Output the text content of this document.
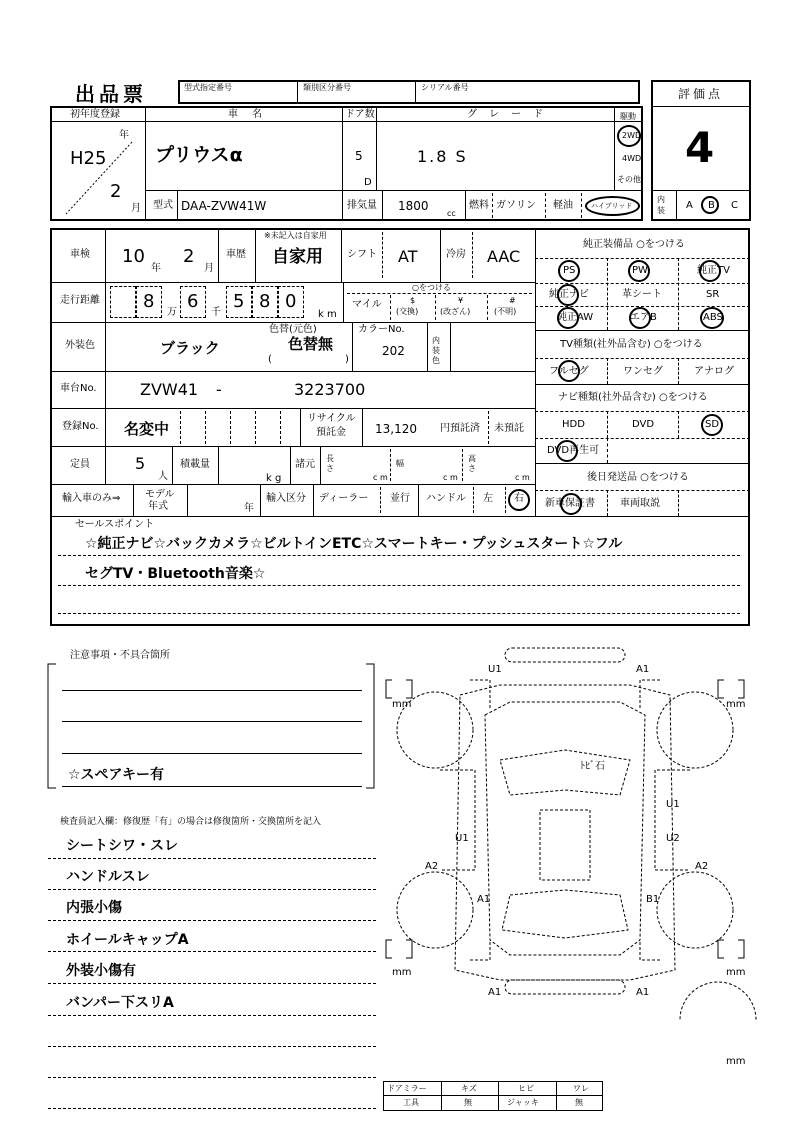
出品票	型式指定番号	類別区分番号	シリアル番号	評価点
4
内装	A B C
初年度登録
H25
年
2
月
車名
プリウスα
ドア数
5
D
グレード
1.8 S
駆動
2WD
4WD
その他
型式 DAA-ZVW41W	排気量 1800
cc
燃料 ガソリン 軽油	ハイブリッド
車検 10
年
2
月
車歴
※未記入は自家用
自家用 シフト AT	冷房 AAC
走行距離 8
万
6
千
5 8 0
k m
○をつける
マイル	$
(交換)
¥
(改ざん)
#
(不明)
外装色
色替(元色)
ブラック	色替無
(	)
カラーNo.
202
内装色
車台No.	ZVW41 -	3223700
登録No. 名変中
リサイクル
預託金 13,120 円預託済 未預託
定員	5
人
積載量
k g
諸元
長さ
c m
幅
c m
高さ
c m
輸入車のみ⇒ モデル
年式	年
輸入区分 ディーラー 並行 ハンドル 左 右
純正装備品 ○をつける
PS	PW	純正TV
純正ナビ	革シート	SR
純正AW	エアB	ABS
TV種類(社外品含む) ○をつける
フルセグ	ワンセグ	アナログ
ナビ種類(社外品含む) ○をつける
HDD	DVD	SD
DVD再生可
後日発送品 ○をつける
新車保証書	車両取説
セールスポイント
☆純正ナビ☆バックカメラ☆ビルトインETC☆スマートキー・プッシュスタート☆フル
セグTV・Bluetooth音楽☆
注意事項・不具合箇所
☆スペアキー有
検査員記入欄：修復歴「有」の場合は修復箇所・交換箇所を記入
シートシワ・スレ
ハンドルスレ
内張小傷
ホイールキャップA
外装小傷有
バンパー下スリA
U1	A1
ﾄﾋﾞ石
U1
U2
U1
A2
A1	B1
A2
A1	A1
mm	mm
mm	mm
mm
ドアミラー	キズ	ヒビ	ワレ
工具	無	ジャッキ	無
